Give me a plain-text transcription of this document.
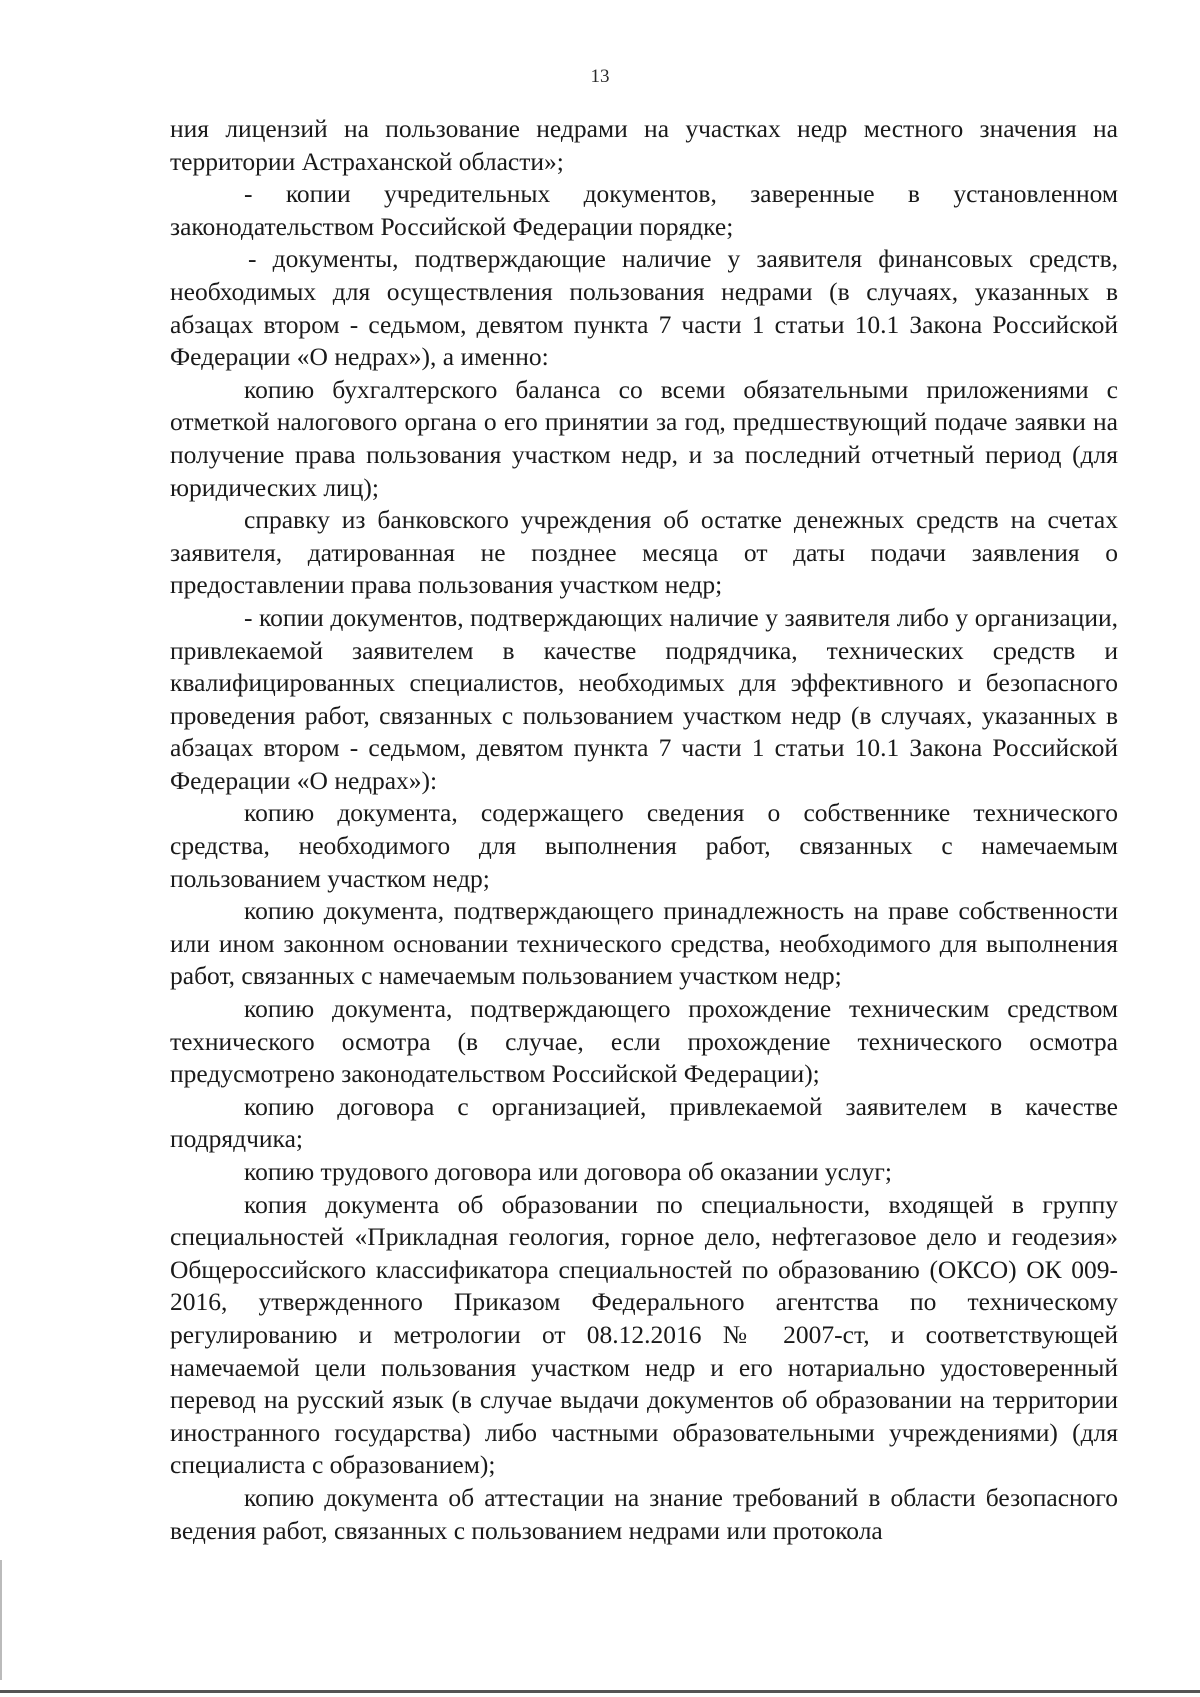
13

ния лицензий на пользование недрами на участках недр местного значения на территории Астраханской области»;

- копии учредительных документов, заверенные в установленном законодательством Российской Федерации порядке;

- документы, подтверждающие наличие у заявителя финансовых средств, необходимых для осуществления пользования недрами (в случаях, указанных в абзацах втором - седьмом, девятом пункта 7 части 1 статьи 10.1 Закона Российской Федерации «О недрах»), а именно:

копию бухгалтерского баланса со всеми обязательными приложениями с отметкой налогового органа о его принятии за год, предшествующий подаче заявки на получение права пользования участком недр, и за последний отчетный период (для юридических лиц);

справку из банковского учреждения об остатке денежных средств на счетах заявителя, датированная не позднее месяца от даты подачи заявления о предоставлении права пользования участком недр;

- копии документов, подтверждающих наличие у заявителя либо у организации, привлекаемой заявителем в качестве подрядчика, технических средств и квалифицированных специалистов, необходимых для эффективного и безопасного проведения работ, связанных с пользованием участком недр (в случаях, указанных в абзацах втором - седьмом, девятом пункта 7 части 1 статьи 10.1 Закона Российской Федерации «О недрах»):

копию документа, содержащего сведения о собственнике технического средства, необходимого для выполнения работ, связанных с намечаемым пользованием участком недр;

копию документа, подтверждающего принадлежность на праве собственности или ином законном основании технического средства, необходимого для выполнения работ, связанных с намечаемым пользованием участком недр;

копию документа, подтверждающего прохождение техническим средством технического осмотра (в случае, если прохождение технического осмотра предусмотрено законодательством Российской Федерации);

копию договора с организацией, привлекаемой заявителем в качестве подрядчика;

копию трудового договора или договора об оказании услуг;

копия документа об образовании по специальности, входящей в группу специальностей «Прикладная геология, горное дело, нефтегазовое дело и геодезия» Общероссийского классификатора специальностей по образованию (ОКСО) ОК 009-2016, утвержденного Приказом Федерального агентства по техническому регулированию и метрологии от 08.12.2016 № 2007-ст, и соответствующей намечаемой цели пользования участком недр и его нотариально удостоверенный перевод на русский язык (в случае выдачи документов об образовании на территории иностранного государства) либо частными образовательными учреждениями) (для специалиста с образованием);

копию документа об аттестации на знание требований в области безопасного ведения работ, связанных с пользованием недрами или протокола
